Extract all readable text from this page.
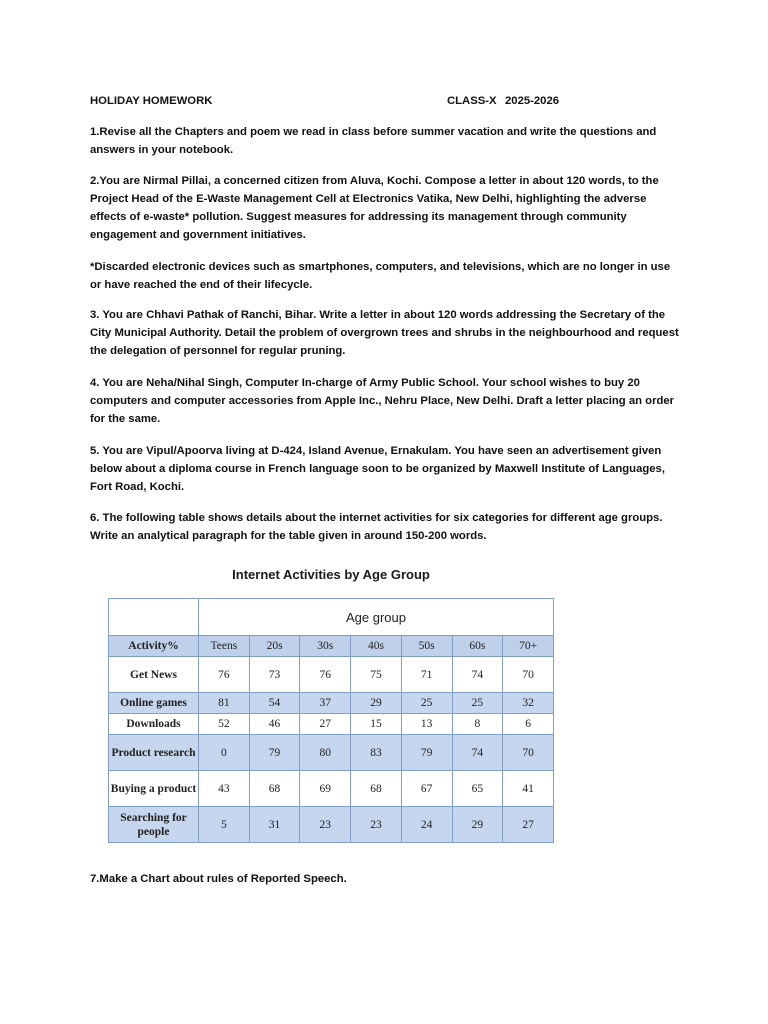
HOLIDAY HOMEWORK	CLASS-X 2025-2026

1.Revise all the Chapters and poem we read in class before summer vacation and write the questions and answers in your notebook.

2.You are Nirmal Pillai, a concerned citizen from Aluva, Kochi. Compose a letter in about 120 words, to the Project Head of the E-Waste Management Cell at Electronics Vatika, New Delhi, highlighting the adverse effects of e-waste* pollution. Suggest measures for addressing its management through community engagement and government initiatives.

*Discarded electronic devices such as smartphones, computers, and televisions, which are no longer in use or have reached the end of their lifecycle.

3. You are Chhavi Pathak of Ranchi, Bihar. Write a letter in about 120 words addressing the Secretary of the City Municipal Authority. Detail the problem of overgrown trees and shrubs in the neighbourhood and request the delegation of personnel for regular pruning.

4. You are Neha/Nihal Singh, Computer In-charge of Army Public School. Your school wishes to buy 20 computers and computer accessories from Apple Inc., Nehru Place, New Delhi. Draft a letter placing an order for the same.

5. You are Vipul/Apoorva living at D-424, Island Avenue, Ernakulam. You have seen an advertisement given below about a diploma course in French language soon to be organized by Maxwell Institute of Languages, Fort Road, Kochi.

6. The following table shows details about the internet activities for six categories for different age groups. Write an analytical paragraph for the table given in around 150-200 words.

Internet Activities by Age Group
	Age group						
Activity%	Teens	20s	30s	40s	50s	60s	70+
Get News	76	73	76	75	71	74	70
Online games	81	54	37	29	25	25	32
Downloads	52	46	27	15	13	8	6
Product research	0	79	80	83	79	74	70
Buying a product	43	68	69	68	67	65	41
Searching for people	5	31	23	23	24	29	27

7.Make a Chart about rules of Reported Speech.
